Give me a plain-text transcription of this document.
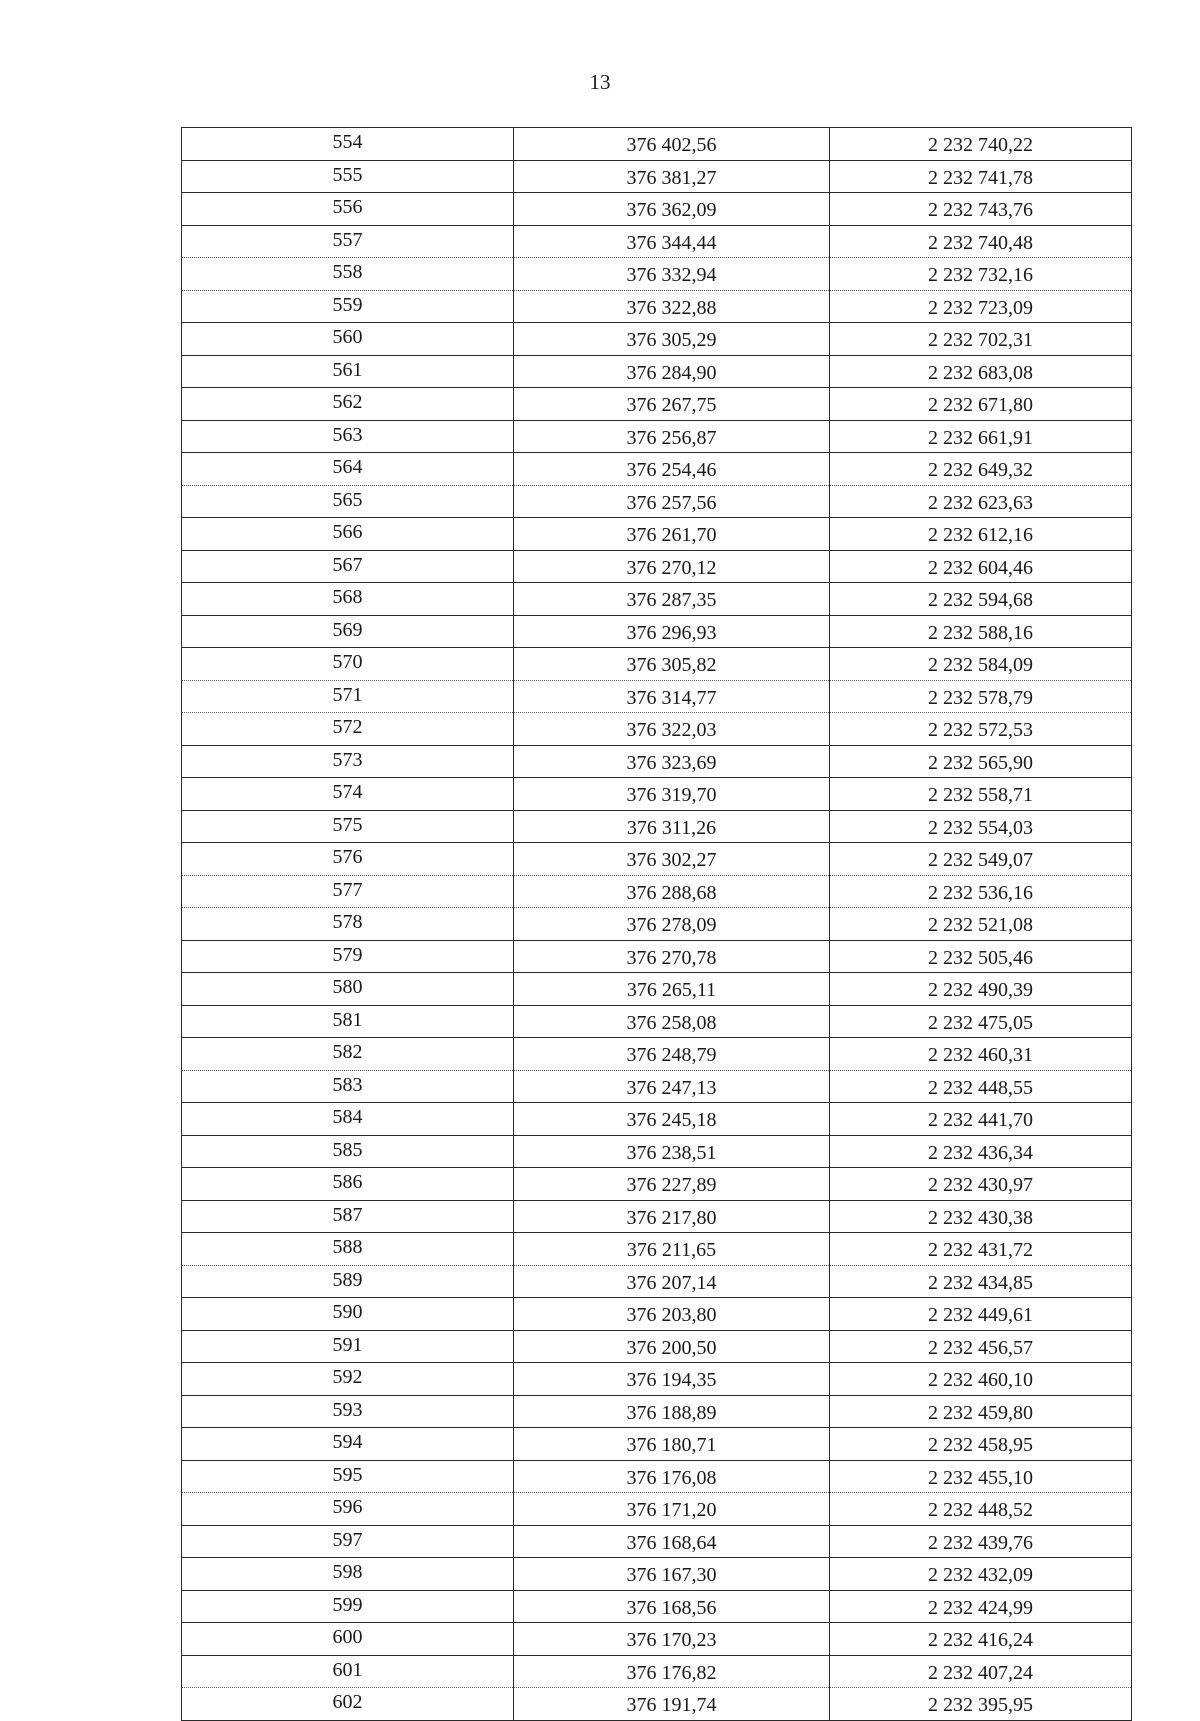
13
554	376 402,56	2 232 740,22
555	376 381,27	2 232 741,78
556	376 362,09	2 232 743,76
557	376 344,44	2 232 740,48
558	376 332,94	2 232 732,16
559	376 322,88	2 232 723,09
560	376 305,29	2 232 702,31
561	376 284,90	2 232 683,08
562	376 267,75	2 232 671,80
563	376 256,87	2 232 661,91
564	376 254,46	2 232 649,32
565	376 257,56	2 232 623,63
566	376 261,70	2 232 612,16
567	376 270,12	2 232 604,46
568	376 287,35	2 232 594,68
569	376 296,93	2 232 588,16
570	376 305,82	2 232 584,09
571	376 314,77	2 232 578,79
572	376 322,03	2 232 572,53
573	376 323,69	2 232 565,90
574	376 319,70	2 232 558,71
575	376 311,26	2 232 554,03
576	376 302,27	2 232 549,07
577	376 288,68	2 232 536,16
578	376 278,09	2 232 521,08
579	376 270,78	2 232 505,46
580	376 265,11	2 232 490,39
581	376 258,08	2 232 475,05
582	376 248,79	2 232 460,31
583	376 247,13	2 232 448,55
584	376 245,18	2 232 441,70
585	376 238,51	2 232 436,34
586	376 227,89	2 232 430,97
587	376 217,80	2 232 430,38
588	376 211,65	2 232 431,72
589	376 207,14	2 232 434,85
590	376 203,80	2 232 449,61
591	376 200,50	2 232 456,57
592	376 194,35	2 232 460,10
593	376 188,89	2 232 459,80
594	376 180,71	2 232 458,95
595	376 176,08	2 232 455,10
596	376 171,20	2 232 448,52
597	376 168,64	2 232 439,76
598	376 167,30	2 232 432,09
599	376 168,56	2 232 424,99
600	376 170,23	2 232 416,24
601	376 176,82	2 232 407,24
602	376 191,74	2 232 395,95
